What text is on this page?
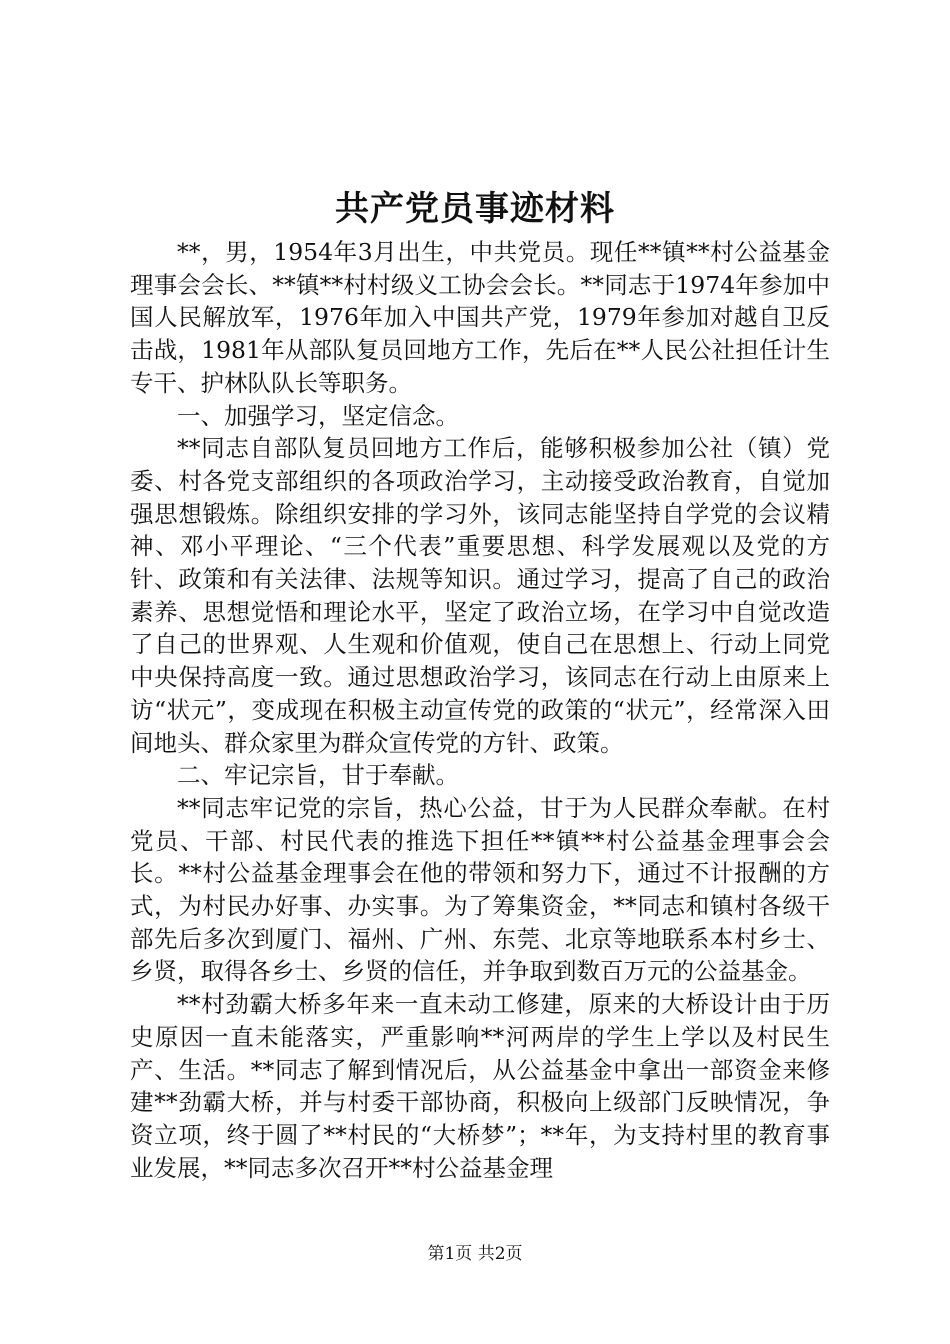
共产党员事迹材料

**，男，1954年3月出生，中共党员。现任**镇**村公益基金理事会会长、**镇**村村级义工协会会长。**同志于1974年参加中国人民解放军，1976年加入中国共产党，1979年参加对越自卫反击战，1981年从部队复员回地方工作，先后在**人民公社担任计生专干、护林队队长等职务。

一、加强学习，坚定信念。

**同志自部队复员回地方工作后，能够积极参加公社（镇）党委、村各党支部组织的各项政治学习，主动接受政治教育，自觉加强思想锻炼。除组织安排的学习外，该同志能坚持自学党的会议精神、邓小平理论、“三个代表”重要思想、科学发展观以及党的方针、政策和有关法律、法规等知识。通过学习，提高了自己的政治素养、思想觉悟和理论水平，坚定了政治立场，在学习中自觉改造了自己的世界观、人生观和价值观，使自己在思想上、行动上同党中央保持高度一致。通过思想政治学习，该同志在行动上由原来上访“状元”，变成现在积极主动宣传党的政策的“状元”，经常深入田间地头、群众家里为群众宣传党的方针、政策。

二、牢记宗旨，甘于奉献。

**同志牢记党的宗旨，热心公益，甘于为人民群众奉献。在村党员、干部、村民代表的推选下担任**镇**村公益基金理事会会长。**村公益基金理事会在他的带领和努力下，通过不计报酬的方式，为村民办好事、办实事。为了筹集资金，**同志和镇村各级干部先后多次到厦门、福州、广州、东莞、北京等地联系本村乡士、乡贤，取得各乡士、乡贤的信任，并争取到数百万元的公益基金。

**村劲霸大桥多年来一直未动工修建，原来的大桥设计由于历史原因一直未能落实，严重影响**河两岸的学生上学以及村民生产、生活。**同志了解到情况后，从公益基金中拿出一部资金来修建**劲霸大桥，并与村委干部协商，积极向上级部门反映情况，争资立项，终于圆了**村民的“大桥梦”；**年，为支持村里的教育事业发展，**同志多次召开**村公益基金理

第1页 共2页
